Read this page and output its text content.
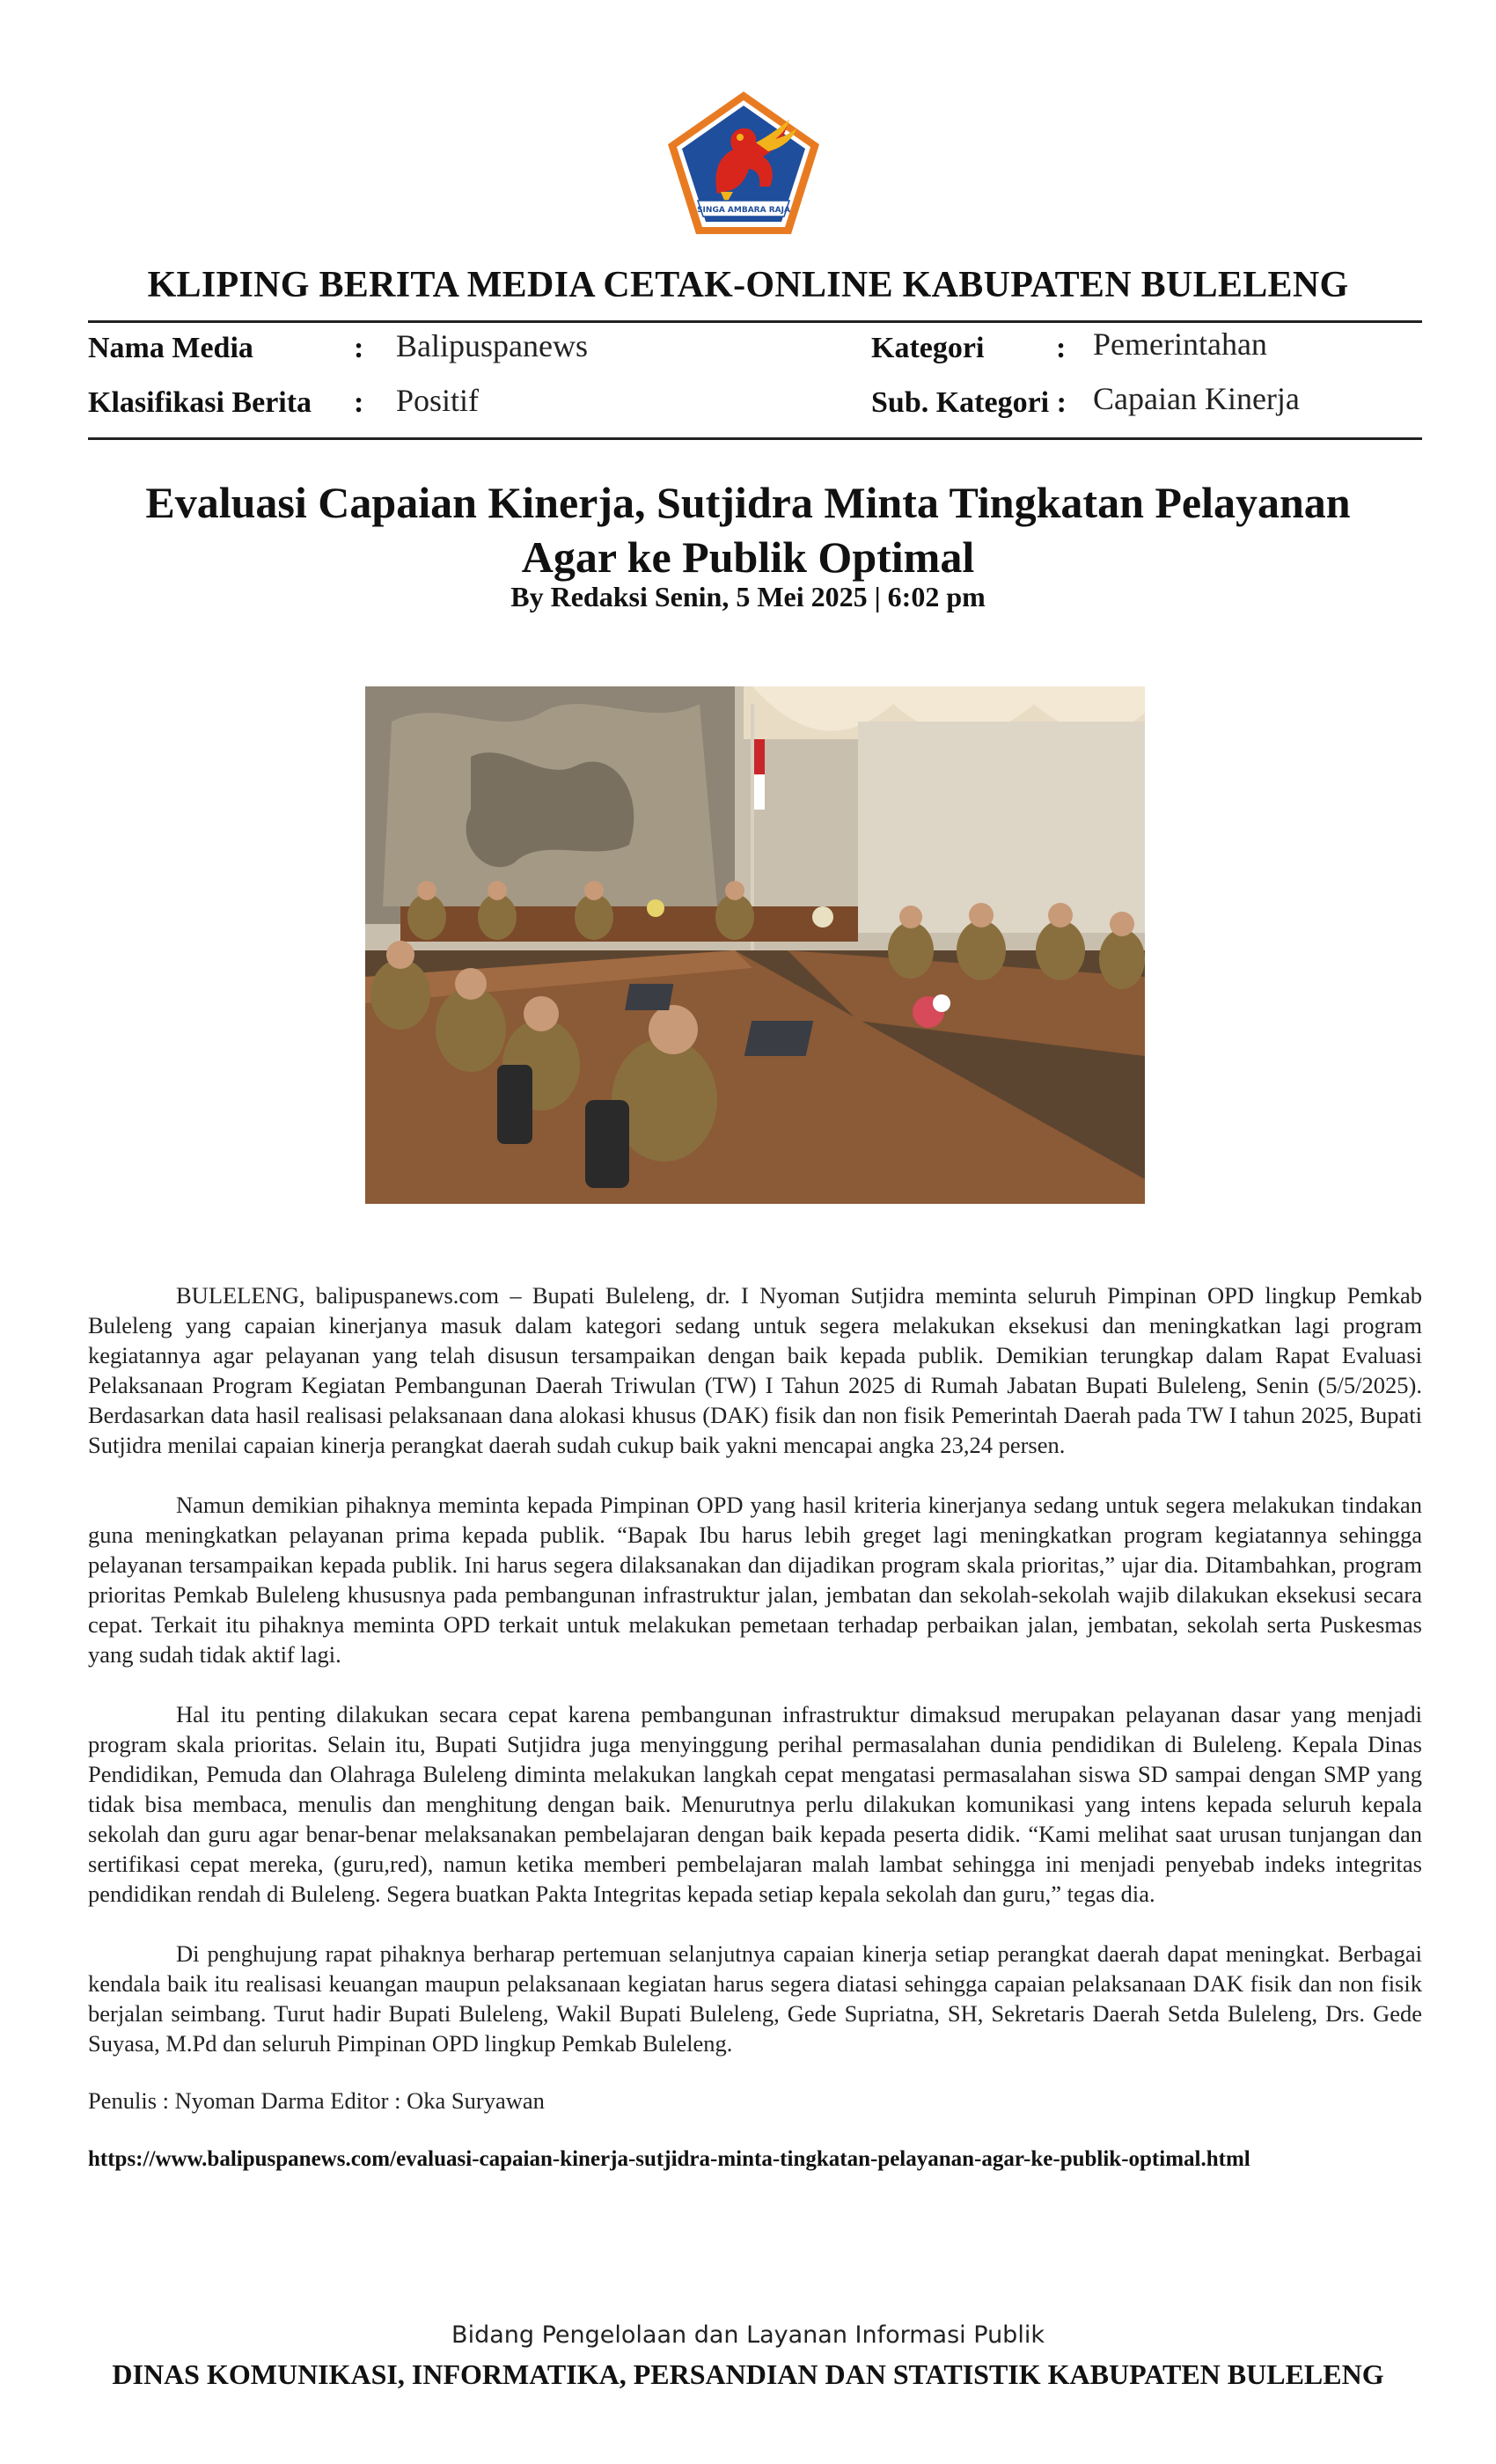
SINGA AMBARA RAJA
KLIPING BERITA MEDIA CETAK-ONLINE KABUPATEN BULELENG
Nama Media	: Balipuspanews
Klasifikasi Berita : Positif
Kategori : Pemerintahan
Sub. Kategori : Capaian Kinerja
Evaluasi Capaian Kinerja, Sutjidra Minta Tingkatan Pelayanan
Agar ke Publik Optimal
By Redaksi Senin, 5 Mei 2025 | 6:02 pm

BULELENG, balipuspanews.com – Bupati Buleleng, dr. I Nyoman Sutjidra meminta seluruh Pimpinan OPD lingkup Pemkab Buleleng yang capaian kinerjanya masuk dalam kategori sedang untuk segera melakukan eksekusi dan meningkatkan lagi program kegiatannya agar pelayanan yang telah disusun tersampaikan dengan baik kepada publik. Demikian terungkap dalam Rapat Evaluasi Pelaksanaan Program Kegiatan Pembangunan Daerah Triwulan (TW) I Tahun 2025 di Rumah Jabatan Bupati Buleleng, Senin (5/5/2025). Berdasarkan data hasil realisasi pelaksanaan dana alokasi khusus (DAK) fisik dan non fisik Pemerintah Daerah pada TW I tahun 2025, Bupati Sutjidra menilai capaian kinerja perangkat daerah sudah cukup baik yakni mencapai angka 23,24 persen.

Namun demikian pihaknya meminta kepada Pimpinan OPD yang hasil kriteria kinerjanya sedang untuk segera melakukan tindakan guna meningkatkan pelayanan prima kepada publik. “Bapak Ibu harus lebih greget lagi meningkatkan program kegiatannya sehingga pelayanan tersampaikan kepada publik. Ini harus segera dilaksanakan dan dijadikan program skala prioritas,” ujar dia. Ditambahkan, program prioritas Pemkab Buleleng khususnya pada pembangunan infrastruktur jalan, jembatan dan sekolah-sekolah wajib dilakukan eksekusi secara cepat. Terkait itu pihaknya meminta OPD terkait untuk melakukan pemetaan terhadap perbaikan jalan, jembatan, sekolah serta Puskesmas yang sudah tidak aktif lagi.

Hal itu penting dilakukan secara cepat karena pembangunan infrastruktur dimaksud merupakan pelayanan dasar yang menjadi program skala prioritas. Selain itu, Bupati Sutjidra juga menyinggung perihal permasalahan dunia pendidikan di Buleleng. Kepala Dinas Pendidikan, Pemuda dan Olahraga Buleleng diminta melakukan langkah cepat mengatasi permasalahan siswa SD sampai dengan SMP yang tidak bisa membaca, menulis dan menghitung dengan baik. Menurutnya perlu dilakukan komunikasi yang intens kepada seluruh kepala sekolah dan guru agar benar-benar melaksanakan pembelajaran dengan baik kepada peserta didik. “Kami melihat saat urusan tunjangan dan sertifikasi cepat mereka, (guru,red), namun ketika memberi pembelajaran malah lambat sehingga ini menjadi penyebab indeks integritas pendidikan rendah di Buleleng. Segera buatkan Pakta Integritas kepada setiap kepala sekolah dan guru,” tegas dia.

Di penghujung rapat pihaknya berharap pertemuan selanjutnya capaian kinerja setiap perangkat daerah dapat meningkat. Berbagai kendala baik itu realisasi keuangan maupun pelaksanaan kegiatan harus segera diatasi sehingga capaian pelaksanaan DAK fisik dan non fisik berjalan seimbang. Turut hadir Bupati Buleleng, Wakil Bupati Buleleng, Gede Supriatna, SH, Sekretaris Daerah Setda Buleleng, Drs. Gede Suyasa, M.Pd dan seluruh Pimpinan OPD lingkup Pemkab Buleleng.

Penulis : Nyoman Darma Editor : Oka Suryawan
https://www.balipuspanews.com/evaluasi-capaian-kinerja-sutjidra-minta-tingkatan-pelayanan-agar-ke-publik-optimal.html
Bidang Pengelolaan dan Layanan Informasi Publik
DINAS KOMUNIKASI, INFORMATIKA, PERSANDIAN DAN STATISTIK KABUPATEN BULELENG
